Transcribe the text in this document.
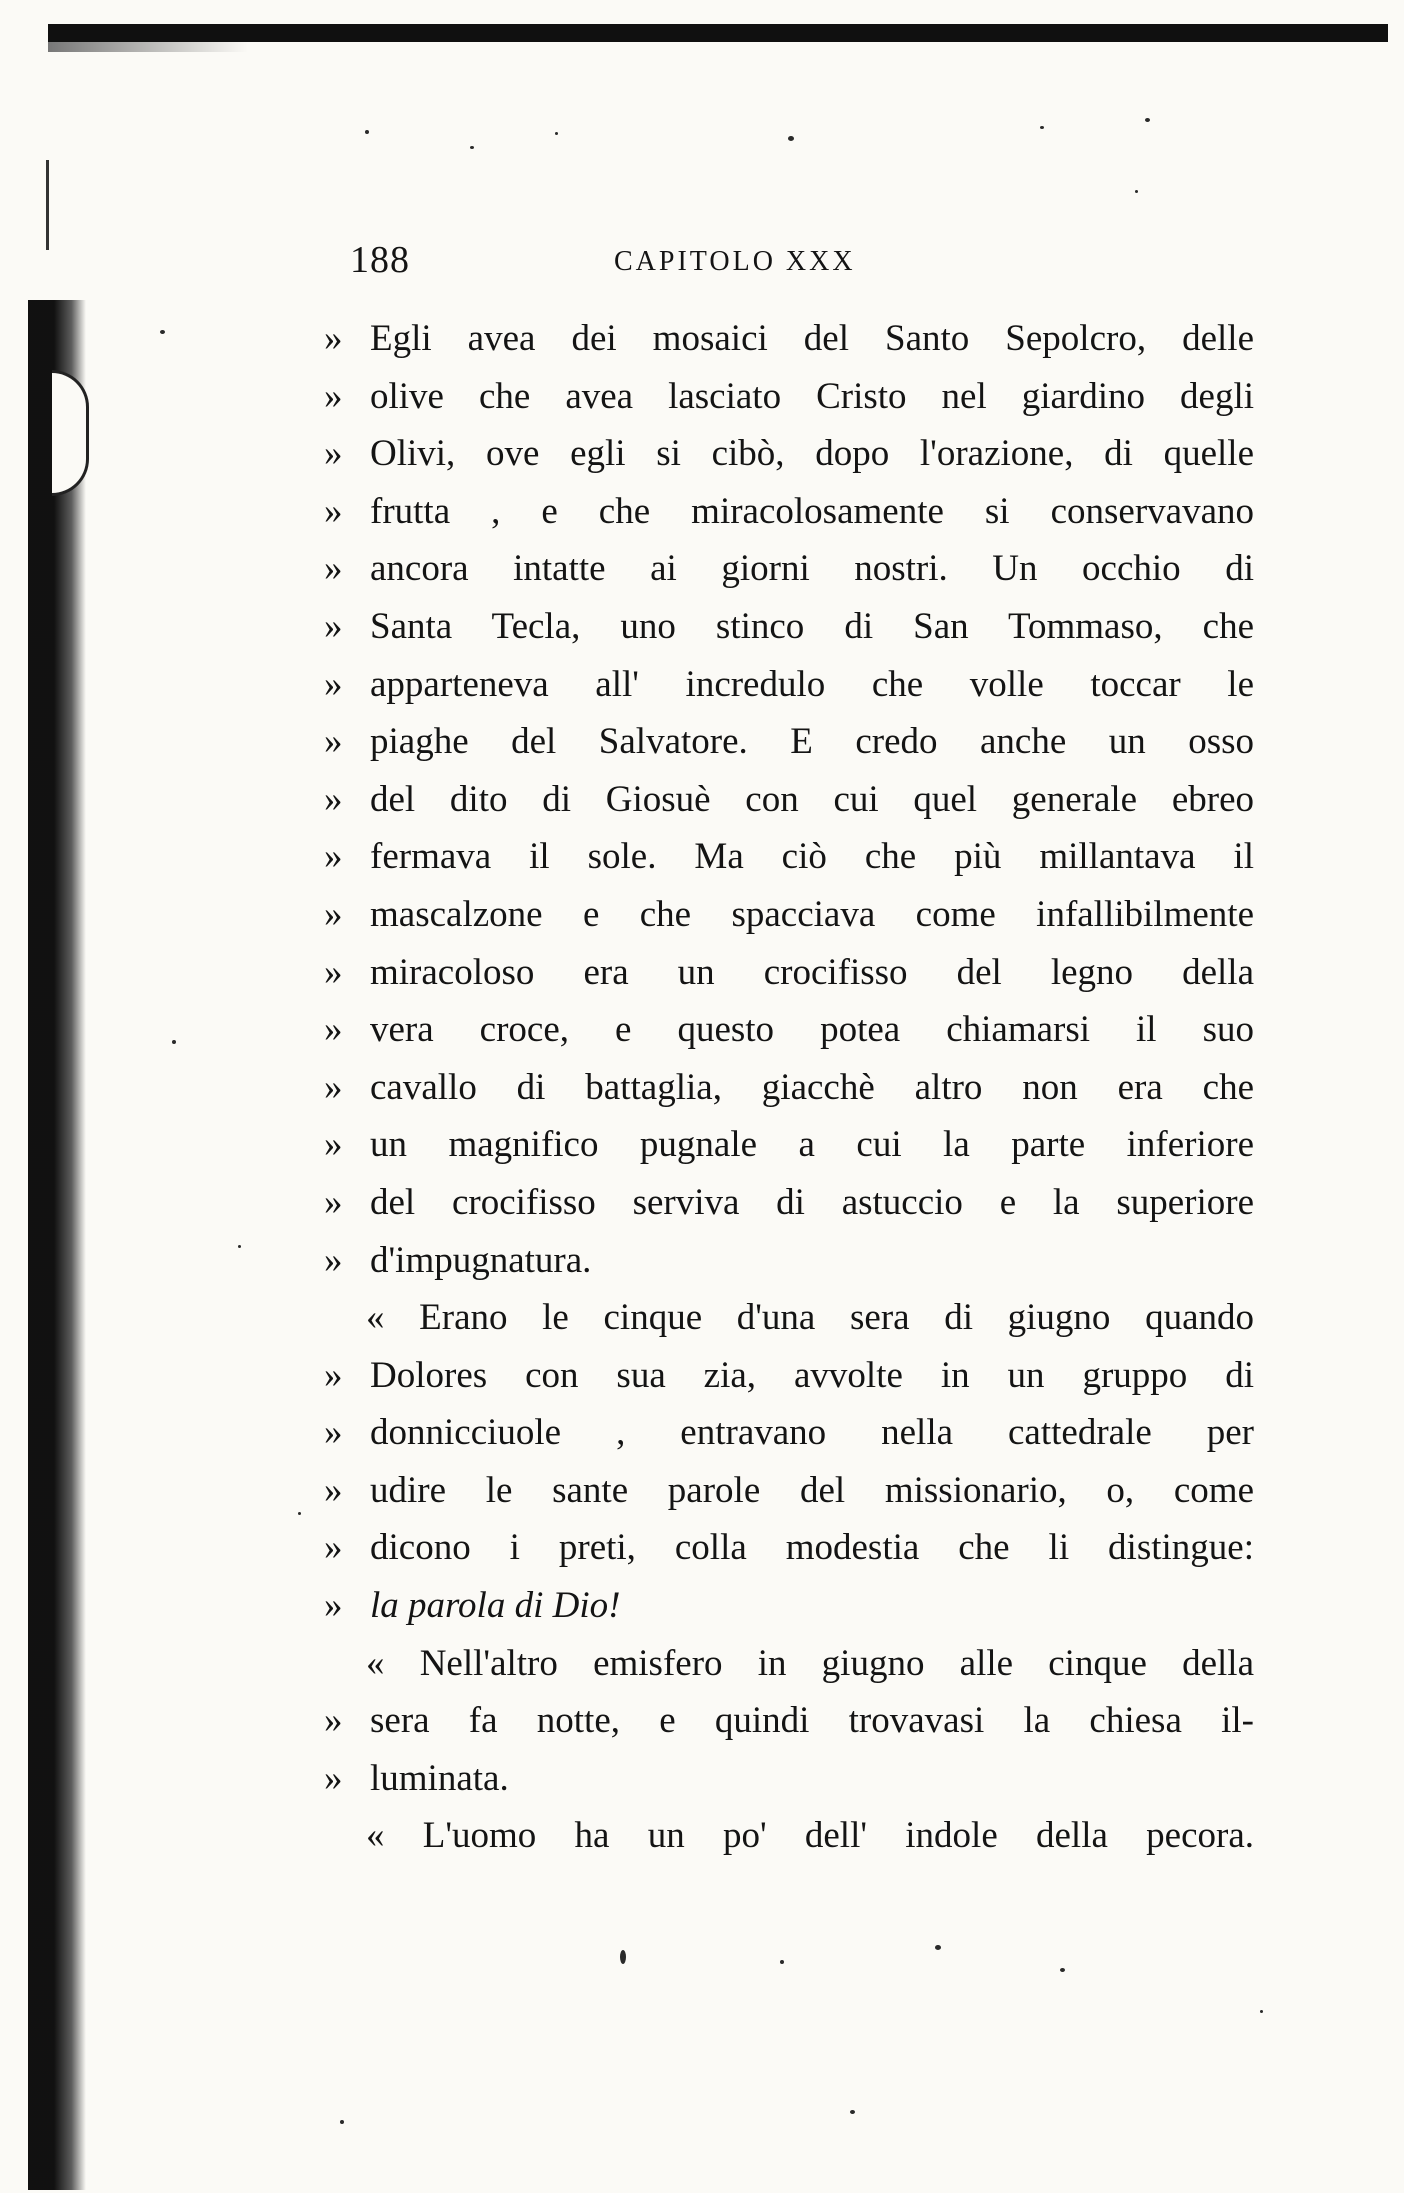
188	CAPITOLO XXX
» Egli avea dei mosaici del Santo Sepolcro, delle
» olive che avea lasciato Cristo nel giardino degli
» Olivi, ove egli si cibò, dopo l'orazione, di quelle
» frutta , e che miracolosamente si conservavano
» ancora intatte ai giorni nostri. Un occhio di
» Santa Tecla, uno stinco di San Tommaso, che
» apparteneva all' incredulo che volle toccar le
» piaghe del Salvatore. E credo anche un osso
» del dito di Giosuè con cui quel generale ebreo
» fermava il sole. Ma ciò che più millantava il
» mascalzone e che spacciava come infallibilmente
» miracoloso era un crocifisso del legno della
» vera croce, e questo potea chiamarsi il suo
» cavallo di battaglia, giacchè altro non era che
» un magnifico pugnale a cui la parte inferiore
» del crocifisso serviva di astuccio e la superiore
» d'impugnatura.
« Erano le cinque d'una sera di giugno quando
» Dolores con sua zia, avvolte in un gruppo di
» donnicciuole , entravano nella cattedrale per
» udire le sante parole del missionario, o, come
» dicono i preti, colla modestia che li distingue:
» la parola di Dio!
« Nell'altro emisfero in giugno alle cinque della
» sera fa notte, e quindi trovavasi la chiesa il-
» luminata.
« L'uomo ha un po' dell' indole della pecora.
